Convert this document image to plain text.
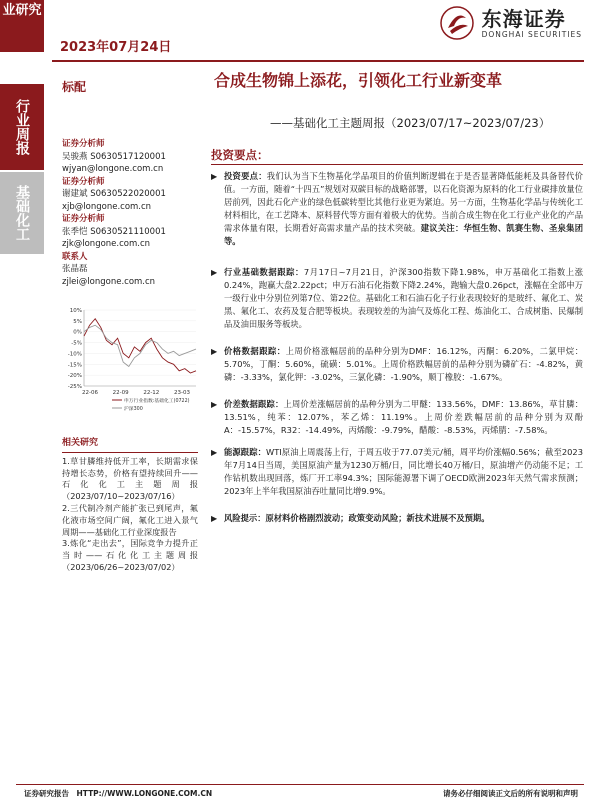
业研究
行业周报
基础化工
2023年07月24日
东海证券
DONGHAI SECURITIES
标配	合成生物锦上添花，引领化工行业新变革
——基础化工主题周报（2023/07/17~2023/07/23）

证券分析师

吴骏燕 S0630517120001

wjyan@longone.com.cn

证券分析师

谢建斌 S0630522020001

xjb@longone.com.cn

证券分析师

张季恺 S0630521110001

zjk@longone.com.cn

联系人

张晶磊

zjlei@longone.com.cn

10%
5%
0%
-5%
-10%
-15%
-20%
-25%
22-06	22-09	22-12	23-03
申万行业指数:基础化工(0722)
沪深300
相关研究

1.草甘膦维持低开工率，长期需求保持增长态势，价格有望持续回升——石化化工主题周报（2023/07/10~2023/07/16）

2.三代制冷剂产能扩张已到尾声，氟化液市场空间广阔，氟化工进入景气周期——基础化工行业深度报告

3.炼化“走出去”，国际竞争力提升正当时——石化化工主题周报（2023/06/26~2023/07/02）

投资要点：
▶ 投资要点：我们认为当下生物基化学品项目的价值判断逻辑在于是否显著降低能耗及具备替代价值。一方面，随着“十四五”规划对双碳目标的战略部署，以石化资源为原料的化工行业碳排放量位居前列，因此石化产业的绿色低碳转型比其他行业更为紧迫。另一方面，生物基化学品与传统化工材料相比，在工艺降本、原料替代等方面有着极大的优势。当前合成生物在化工行业产业化的产品需求体量有限，长期看好高需求量产品的技术突破。建议关注：华恒生物、凯赛生物、圣泉集团等。
▶ 行业基础数据跟踪：7月17日~7月21日，沪深300指数下降1.98%，申万基础化工指数上涨0.24%，跑赢大盘2.22pct；申万石油石化指数下降2.24%，跑输大盘0.26pct，涨幅在全部申万一级行业中分别位列第7位、第22位。基础化工和石油石化子行业表现较好的是玻纤、氟化工、炭黑、氟化工、农药及复合肥等板块。表现较差的为油气及炼化工程、炼油化工、合成树脂、民爆制品及油田服务等板块。
▶ 价格数据跟踪：上周价格涨幅居前的品种分别为DMF：16.12%，丙酮：6.20%，二氯甲烷：5.70%，丁酮：5.60%，硫磺：5.01%。上周价格跌幅居前的品种分别为磷矿石：-4.82%，黄磷：-3.33%，氯化钾：-3.02%，三氯化磷：-1.90%，顺丁橡胶：-1.67%。
▶ 价差数据跟踪：上周价差涨幅居前的品种分别为二甲醚：133.56%，DMF：13.86%，草甘膦：13.51%，纯苯：12.07%，苯乙烯：11.19%。上周价差跌幅居前的品种分别为双酚A：-15.57%，R32：-14.49%，丙烯酸：-9.79%，醋酸：-8.53%，丙烯腈：-7.58%。
▶ 能源跟踪：WTI原油上周震荡上行，于周五收于77.07美元/桶，周平均价涨幅0.56%；截至2023年7月14日当周，美国原油产量为1230万桶/日，同比增长40万桶/日，原油增产仍动能不足；工作钻机数出现回落，炼厂开工率94.3%；国际能源署下调了OECD欧洲2023年天然气需求预测；2023年上半年我国原油吞吐量同比增9.9%。
▶ 风险提示：原材料价格剧烈波动；政策变动风险；新技术进展不及预期。
证券研究报告　HTTP://WWW.LONGONE.COM.CN	请务必仔细阅读正文后的所有说明和声明
